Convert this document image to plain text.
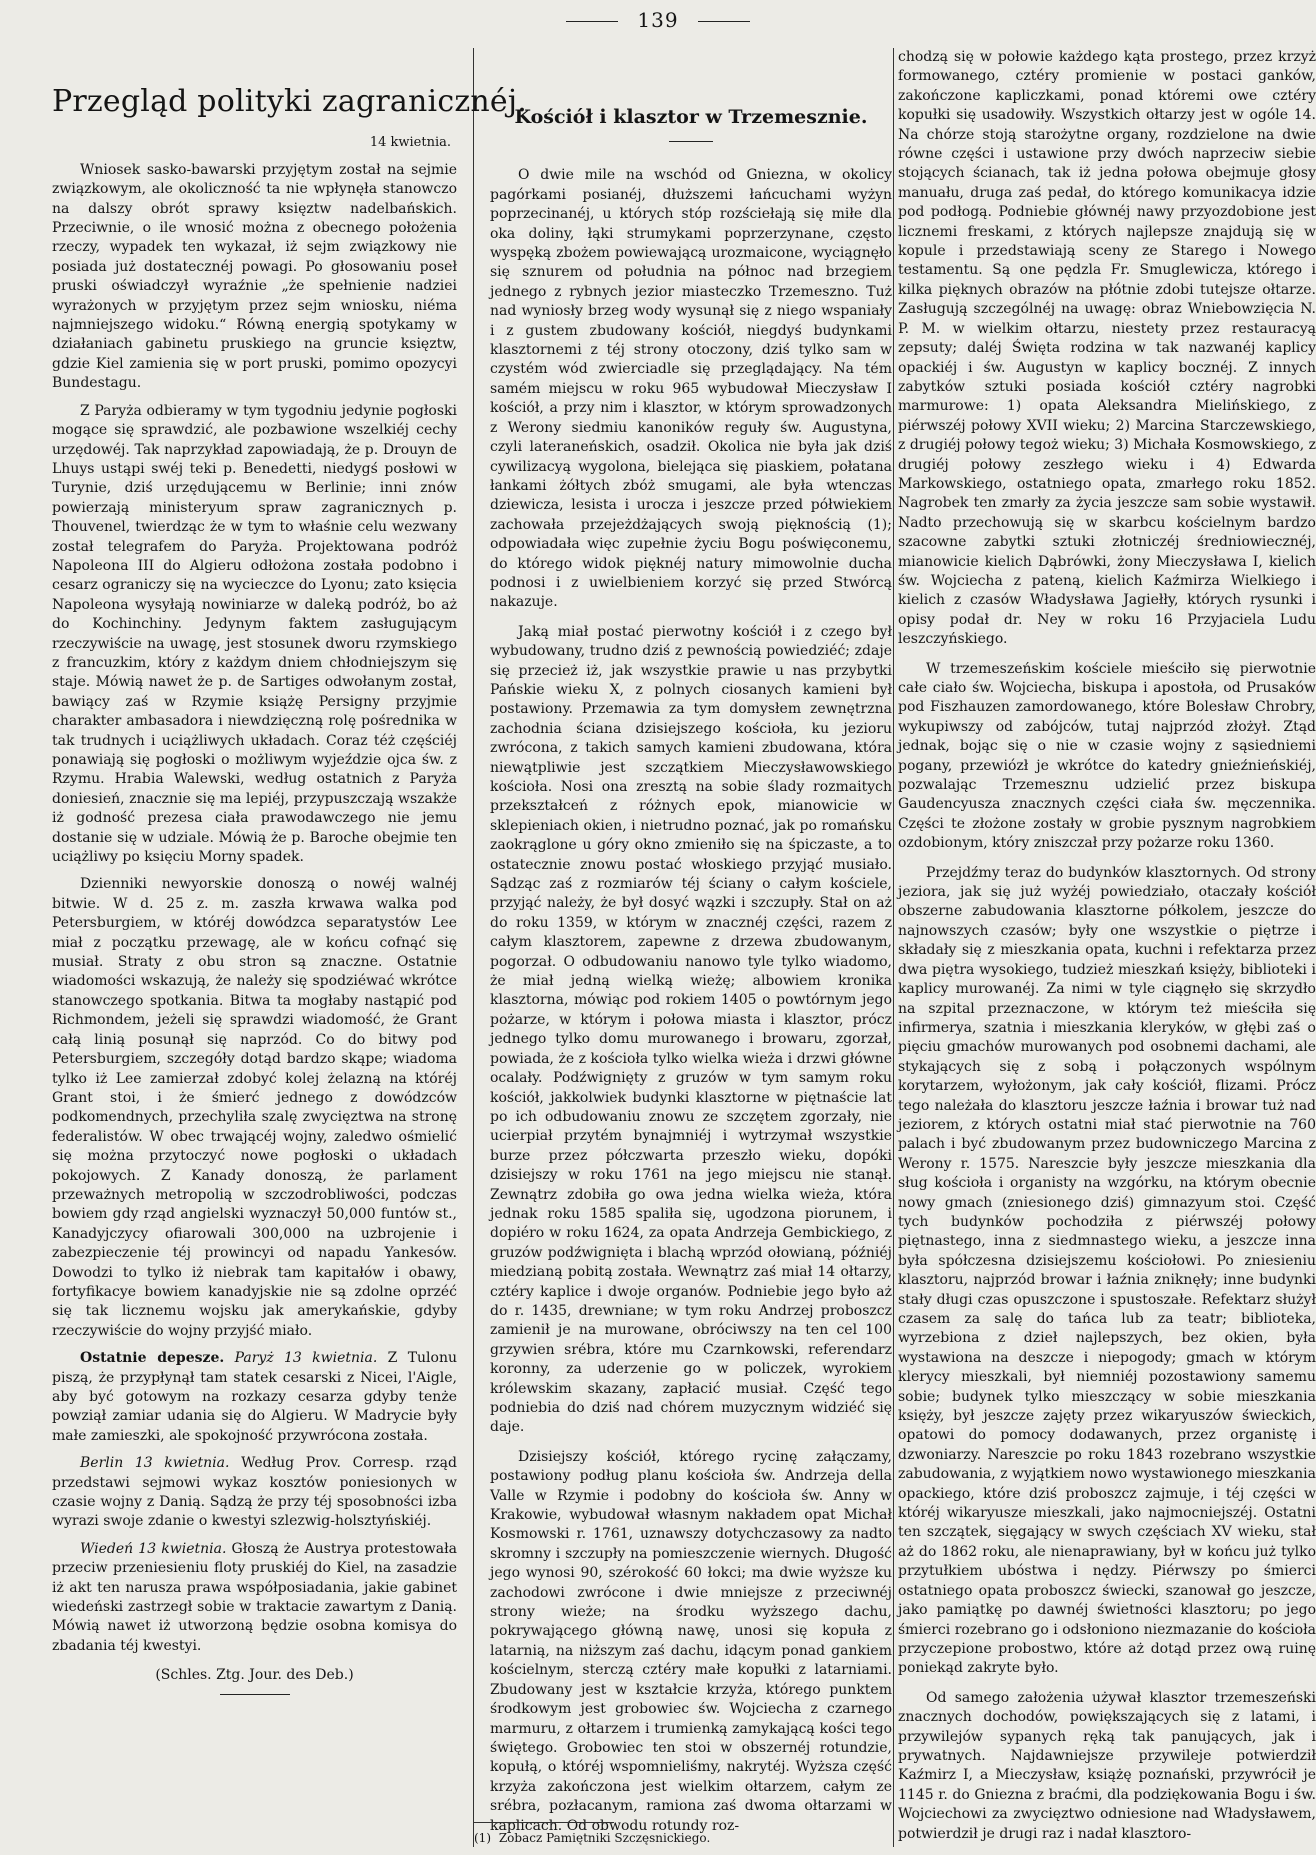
139
Przegląd polityki zagranicznéj.
14 kwietnia.

Wniosek sasko-bawarski przyjętym został na sejmie związkowym, ale okoliczność ta nie wpłynęła stanowczo na dalszy obrót sprawy księztw nadelbańskich. Przeciwnie, o ile wnosić można z obecnego położenia rzeczy, wypadek ten wykazał, iż sejm związkowy nie posiada już dostatecznéj powagi. Po głosowaniu poseł pruski oświadczył wyraźnie „że spełnienie nadziei wyrażonych w przyjętym przez sejm wniosku, niéma najmniejszego widoku.“ Równą energią spotykamy w działaniach gabinetu pruskiego na gruncie księztw, gdzie Kiel zamienia się w port pruski, pomimo opozycyi Bundestagu.

Z Paryża odbieramy w tym tygodniu jedynie pogłoski mogące się sprawdzić, ale pozbawione wszelkiéj cechy urzędowéj. Tak naprzykład zapowiadają, że p. Drouyn de Lhuys ustąpi swéj teki p. Benedetti, niedygś posłowi w Turynie, dziś urzędującemu w Berlinie; inni znów powierzają ministeryum spraw zagranicznych p. Thouvenel, twierdząc że w tym to właśnie celu wezwany został telegrafem do Paryża. Projektowana podróż Napoleona III do Algieru odłożona została podobno i cesarz ograniczy się na wycieczce do Lyonu; zato księcia Napoleona wysyłają nowiniarze w daleką podróż, bo aż do Kochinchiny. Jedynym faktem zasługującym rzeczywiście na uwagę, jest stosunek dworu rzymskiego z francuzkim, który z każdym dniem chłodniejszym się staje. Mówią nawet że p. de Sartiges odwołanym został, bawiący zaś w Rzymie książę Persigny przyjmie charakter ambasadora i niewdzięczną rolę pośrednika w tak trudnych i uciążliwych układach. Coraz téż częściéj ponawiają się pogłoski o możliwym wyjeździe ojca św. z Rzymu. Hrabia Walewski, według ostatnich z Paryża doniesień, znacznie się ma lepiéj, przypuszczają wszakże iż godność prezesa ciała prawodawczego nie jemu dostanie się w udziale. Mówią że p. Baroche obejmie ten uciążliwy po księciu Morny spadek.

Dzienniki newyorskie donoszą o nowéj walnéj bitwie. W d. 25 z. m. zaszła krwawa walka pod Petersburgiem, w któréj dowódzca separatystów Lee miał z początku przewagę, ale w końcu cofnąć się musiał. Straty z obu stron są znaczne. Ostatnie wiadomości wskazują, że należy się spodziéwać wkrótce stanowczego spotkania. Bitwa ta mogłaby nastąpić pod Richmondem, jeżeli się sprawdzi wiadomość, że Grant całą linią posunął się naprzód. Co do bitwy pod Petersburgiem, szczegóły dotąd bardzo skąpe; wiadoma tylko iż Lee zamierzał zdobyć kolej żelazną na któréj Grant stoi, i że śmierć jednego z dowódzców podkomendnych, przechyliła szalę zwycięztwa na stronę federalistów. W obec trwającéj wojny, zaledwo ośmielić się można przytoczyć nowe pogłoski o układach pokojowych. Z Kanady donoszą, że parlament przeważnych metropolią w szczodrobliwości, podczas bowiem gdy rząd angielski wyznaczył 50,000 funtów st., Kanadyjczycy ofiarowali 300,000 na uzbrojenie i zabezpieczenie téj prowincyi od napadu Yankesów. Dowodzi to tylko iż niebrak tam kapitałów i obawy, fortyfikacye bowiem kanadyjskie nie są zdolne oprzéć się tak licznemu wojsku jak amerykańskie, gdyby rzeczywiście do wojny przyjść miało.

Ostatnie depesze. Paryż 13 kwietnia. Z Tulonu piszą, że przypłynął tam statek cesarski z Nicei, l'Aigle, aby być gotowym na rozkazy cesarza gdyby tenże powziął zamiar udania się do Algieru. W Madrycie były małe zamieszki, ale spokojność przywrócona została.

Berlin 13 kwietnia. Według Prov. Corresp. rząd przedstawi sejmowi wykaz kosztów poniesionych w czasie wojny z Danią. Sądzą że przy téj sposobności izba wyrazi swoje zdanie o kwestyi szlezwig-holsztyńskiéj.

Wiedeń 13 kwietnia. Głoszą że Austrya protestowała przeciw przeniesieniu floty pruskiéj do Kiel, na zasadzie iż akt ten narusza prawa współposiadania, jakie gabinet wiedeński zastrzegł sobie w traktacie zawartym z Danią. Mówią nawet iż utworzoną będzie osobna komisya do zbadania téj kwestyi.

(Schles. Ztg. Jour. des Deb.)

Kościół i klasztor w Trzemesznie.

O dwie mile na wschód od Gniezna, w okolicy pagórkami posianéj, dłuższemi łańcuchami wyżyn poprzecinanéj, u których stóp rozściełają się miłe dla oka doliny, łąki strumykami poprzerzynane, często wyspęką zbożem powiewającą urozmaicone, wyciągnęło się sznurem od południa na północ nad brzegiem jednego z rybnych jezior miasteczko Trzemeszno. Tuż nad wyniosły brzeg wody wysunął się z niego wspaniały i z gustem zbudowany kościół, niegdyś budynkami klasztornemi z téj strony otoczony, dziś tylko sam w czystém wód zwierciadle się przeglądający. Na tém samém miejscu w roku 965 wybudował Mieczysław I kościół, a przy nim i klasztor, w którym sprowadzonych z Werony siedmiu kanoników reguły św. Augustyna, czyli lateraneńskich, osadził. Okolica nie była jak dziś cywilizacyą wygolona, bielejąca się piaskiem, połatana łankami żółtych zbóż smugami, ale była wtenczas dziewicza, lesista i urocza i jeszcze przed półwiekiem zachowała przejeżdżających swoją pięknością (1); odpowiadała więc zupełnie życiu Bogu poświęconemu, do którego widok pięknéj natury mimowolnie ducha podnosi i z uwielbieniem korzyć się przed Stwórcą nakazuje.

Jaką miał postać pierwotny kościół i z czego był wybudowany, trudno dziś z pewnością powiedziéć; zdaje się przecież iż, jak wszystkie prawie u nas przybytki Pańskie wieku X, z polnych ciosanych kamieni był postawiony. Przemawia za tym domysłem zewnętrzna zachodnia ściana dzisiejszego kościoła, ku jezioru zwrócona, z takich samych kamieni zbudowana, która niewątpliwie jest szczątkiem Mieczysławowskiego kościoła. Nosi ona zresztą na sobie ślady rozmaitych przekształceń z różnych epok, mianowicie w sklepieniach okien, i nietrudno poznać, jak po romańsku zaokrąglone u góry okno zmieniło się na śpiczaste, a to ostatecznie znowu postać włoskiego przyjąć musiało. Sądząc zaś z rozmiarów téj ściany o całym kościele, przyjąć należy, że był dosyć wązki i szczupły. Stał on aż do roku 1359, w którym w znacznéj części, razem z całym klasztorem, zapewne z drzewa zbudowanym, pogorzał. O odbudowaniu nanowo tyle tylko wiadomo, że miał jedną wielką wieżę; albowiem kronika klasztorna, mówiąc pod rokiem 1405 o powtórnym jego pożarze, w którym i połowa miasta i klasztor, prócz jednego tylko domu murowanego i browaru, zgorzał, powiada, że z kościoła tylko wielka wieża i drzwi główne ocalały. Podźwignięty z gruzów w tym samym roku kościół, jakkolwiek budynki klasztorne w piętnaście lat po ich odbudowaniu znowu ze szczętem zgorzały, nie ucierpiał przytém bynajmniéj i wytrzymał wszystkie burze przez półczwarta przeszło wieku, dopóki dzisiejszy w roku 1761 na jego miejscu nie stanął. Zewnątrz zdobiła go owa jedna wielka wieża, która jednak roku 1585 spaliła się, ugodzona piorunem, i dopiéro w roku 1624, za opata Andrzeja Gembickiego, z gruzów podźwignięta i blachą wprzód ołowianą, późniéj miedzianą pobitą została. Wewnątrz zaś miał 14 ołtarzy, cztéry kaplice i dwoje organów. Podniebie jego było aż do r. 1435, drewniane; w tym roku Andrzej proboszcz zamienił je na murowane, obróciwszy na ten cel 100 grzywien srébra, które mu Czarnkowski, referendarz koronny, za uderzenie go w policzek, wyrokiem królewskim skazany, zapłacić musiał. Część tego podniebia do dziś nad chórem muzycznym widziéć się daje.

Dzisiejszy kościół, którego rycinę załączamy, postawiony podług planu kościoła św. Andrzeja della Valle w Rzymie i podobny do kościoła św. Anny w Krakowie, wybudował własnym nakładem opat Michał Kosmowski r. 1761, uznawszy dotychczasowy za nadto skromny i szczupły na pomieszczenie wiernych. Długość jego wynosi 90, szérokość 60 łokci; ma dwie wyższe ku zachodowi zwrócone i dwie mniejsze z przeciwnéj strony wieże; na środku wyższego dachu, pokrywającego główną nawę, unosi się kopuła z latarnią, na niższym zaś dachu, idącym ponad gankiem kościelnym, sterczą cztéry małe kopułki z latarniami. Zbudowany jest w kształcie krzyża, którego punktem środkowym jest grobowiec św. Wojciecha z czarnego marmuru, z ołtarzem i trumienką zamykającą kości tego świętego. Grobowiec ten stoi w obszernéj rotundzie, kopułą, o któréj wspomnieliśmy, nakrytéj. Wyższa część krzyża zakończona jest wielkim ołtarzem, całym ze srébra, pozłacanym, ramiona zaś dwoma ołtarzami w kaplicach. Od obwodu rotundy roz-

chodzą się w połowie każdego kąta prostego, przez krzyż formowanego, cztéry promienie w postaci ganków, zakończone kapliczkami, ponad któremi owe cztéry kopułki się usadowiły. Wszystkich ołtarzy jest w ogóle 14. Na chórze stoją starożytne organy, rozdzielone na dwie równe części i ustawione przy dwóch naprzeciw siebie stojących ścianach, tak iż jedna połowa obejmuje głosy manuału, druga zaś pedał, do którego komunikacya idzie pod podłogą. Podniebie głównéj nawy przyozdobione jest licznemi freskami, z których najlepsze znajdują się w kopule i przedstawiają sceny ze Starego i Nowego testamentu. Są one pędzla Fr. Smuglewicza, którego i kilka pięknych obrazów na płótnie zdobi tutejsze ołtarze. Zasługują szczególnéj na uwagę: obraz Wniebowzięcia N. P. M. w wielkim ołtarzu, niestety przez restauracyą zepsuty; daléj Święta rodzina w tak nazwanéj kaplicy opackiéj i św. Augustyn w kaplicy bocznéj. Z innych zabytków sztuki posiada kościół cztéry nagrobki marmurowe: 1) opata Aleksandra Mielińskiego, z piérwszéj połowy XVII wieku; 2) Marcina Starczewskiego, z drugiéj połowy tegoż wieku; 3) Michała Kosmowskiego, z drugiéj połowy zeszłego wieku i 4) Edwarda Markowskiego, ostatniego opata, zmarłego roku 1852. Nagrobek ten zmarły za życia jeszcze sam sobie wystawił. Nadto przechowują się w skarbcu kościelnym bardzo szacowne zabytki sztuki złotniczéj średniowiecznéj, mianowicie kielich Dąbrówki, żony Mieczysława I, kielich św. Wojciecha z pateną, kielich Kaźmirza Wielkiego i kielich z czasów Władysława Jagiełły, których rysunki i opisy podał dr. Ney w roku 16 Przyjaciela Ludu leszczyńskiego.

W trzemeszeńskim kościele mieściło się pierwotnie całe ciało św. Wojciecha, biskupa i apostoła, od Prusaków pod Fiszhauzen zamordowanego, które Bolesław Chrobry, wykupiwszy od zabójców, tutaj najprzód złożył. Ztąd jednak, bojąc się o nie w czasie wojny z sąsiedniemi pogany, przewiózł je wkrótce do katedry gnieźnieńskiéj, pozwalając Trzemesznu udzielić przez biskupa Gaudencyusza znacznych części ciała św. męczennika. Części te złożone zostały w grobie pysznym nagrobkiem ozdobionym, który zniszczał przy pożarze roku 1360.

Przejdźmy teraz do budynków klasztornych. Od strony jeziora, jak się już wyżéj powiedziało, otaczały kościół obszerne zabudowania klasztorne półkolem, jeszcze do najnowszych czasów; były one wszystkie o piętrze i składały się z mieszkania opata, kuchni i refektarza przez dwa piętra wysokiego, tudzież mieszkań księży, biblioteki i kaplicy murowanéj. Za nimi w tyle ciągnęło się skrzydło na szpital przeznaczone, w którym też mieściła się infirmerya, szatnia i mieszkania kleryków, w głębi zaś o pięciu gmachów murowanych pod osobnemi dachami, ale stykających się z sobą i połączonych wspólnym korytarzem, wyłożonym, jak cały kościół, flizami. Prócz tego należała do klasztoru jeszcze łaźnia i browar tuż nad jeziorem, z których ostatni miał stać pierwotnie na 760 palach i być zbudowanym przez budowniczego Marcina z Werony r. 1575. Nareszcie były jeszcze mieszkania dla sług kościoła i organisty na wzgórku, na którym obecnie nowy gmach (zniesionego dziś) gimnazyum stoi. Część tych budynków pochodziła z piérwszéj połowy piętnastego, inna z siedmnastego wieku, a jeszcze inna była spółczesna dzisiejszemu kościołowi. Po zniesieniu klasztoru, najprzód browar i łaźnia zniknęły; inne budynki stały długi czas opuszczone i spustoszałe. Refektarz służył czasem za salę do tańca lub za teatr; biblioteka, wyrzebiona z dzieł najlepszych, bez okien, była wystawiona na deszcze i niepogody; gmach w którym klerycy mieszkali, był niemniéj pozostawiony samemu sobie; budynek tylko mieszczący w sobie mieszkania księży, był jeszcze zajęty przez wikaryuszów świeckich, opatowi do pomocy dodawanych, przez organistę i dzwoniarzy. Nareszcie po roku 1843 rozebrano wszystkie zabudowania, z wyjątkiem nowo wystawionego mieszkania opackiego, które dziś proboszcz zajmuje, i téj części w któréj wikaryusze mieszkali, jako najmocniejszéj. Ostatni ten szczątek, sięgający w swych częściach XV wieku, stał aż do 1862 roku, ale nienaprawiany, był w końcu już tylko przytułkiem ubóstwa i nędzy. Piérwszy po śmierci ostatniego opata proboszcz świecki, szanował go jeszcze, jako pamiątkę po dawnéj świetności klasztoru; po jego śmierci rozebrano go i odsłoniono niezmazanie do kościoła przyczepione probostwo, które aż dotąd przez ową ruinę poniekąd zakryte było.

Od samego założenia używał klasztor trzemeszeński znacznych dochodów, powiększających się z latami, i przywilejów sypanych ręką tak panujących, jak i prywatnych. Najdawniejsze przywileje potwierdził Kaźmirz I, a Mieczysław, książę poznański, przywrócił je 1145 r. do Gniezna z braćmi, dla podziękowania Bogu i św. Wojciechowi za zwycięztwo odniesione nad Władysławem, potwierdził je drugi raz i nadał klasztoro-

(1) Zobacz Pamiętniki Szczęsnickiego.
